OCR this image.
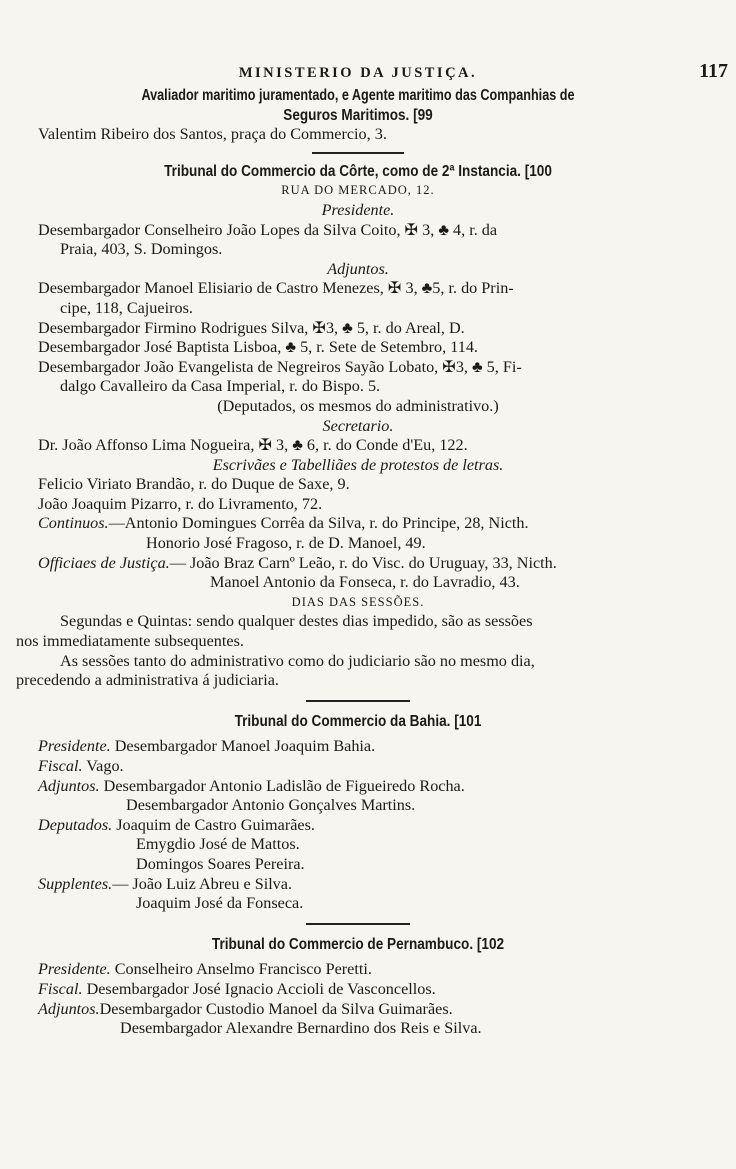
MINISTERIO DA JUSTIÇA.	117
Avaliador maritimo juramentado, e Agente maritimo das Companhias de
Seguros Maritimos. [99
Valentim Ribeiro dos Santos, praça do Commercio, 3.
Tribunal do Commercio da Côrte, como de 2ª Instancia. [100
RUA DO MERCADO, 12.
Presidente.
Desembargador Conselheiro João Lopes da Silva Coito, ✠ 3, ♣ 4, r. da
Praia, 403, S. Domingos.
Adjuntos.
Desembargador Manoel Elisiario de Castro Menezes, ✠ 3, ♣5, r. do Prin-
cipe, 118, Cajueiros.
Desembargador Firmino Rodrigues Silva, ✠3, ♣ 5, r. do Areal, D.
Desembargador José Baptista Lisboa, ♣ 5, r. Sete de Setembro, 114.
Desembargador João Evangelista de Negreiros Sayão Lobato, ✠3, ♣ 5, Fi-
dalgo Cavalleiro da Casa Imperial, r. do Bispo. 5.
(Deputados, os mesmos do administrativo.)
Secretario.
Dr. João Affonso Lima Nogueira, ✠ 3, ♣ 6, r. do Conde d'Eu, 122.
Escrivães e Tabelliães de protestos de letras.
Felicio Viriato Brandão, r. do Duque de Saxe, 9.
João Joaquim Pizarro, r. do Livramento, 72.
Continuos.—Antonio Domingues Corrêa da Silva, r. do Principe, 28, Nicth.
Honorio José Fragoso, r. de D. Manoel, 49.
Officiaes de Justiça.— João Braz Carnº Leão, r. do Visc. do Uruguay, 33, Nicth.
Manoel Antonio da Fonseca, r. do Lavradio, 43.
DIAS DAS SESSÕES.
Segundas e Quintas: sendo qualquer destes dias impedido, são as sessões
nos immediatamente subsequentes.
As sessões tanto do administrativo como do judiciario são no mesmo dia,
precedendo a administrativa á judiciaria.
Tribunal do Commercio da Bahia. [101
Presidente. Desembargador Manoel Joaquim Bahia.
Fiscal. Vago.
Adjuntos. Desembargador Antonio Ladislão de Figueiredo Rocha.
Desembargador Antonio Gonçalves Martins.
Deputados. Joaquim de Castro Guimarães.
Emygdio José de Mattos.
Domingos Soares Pereira.
Supplentes.— João Luiz Abreu e Silva.
Joaquim José da Fonseca.
Tribunal do Commercio de Pernambuco. [102
Presidente. Conselheiro Anselmo Francisco Peretti.
Fiscal. Desembargador José Ignacio Accioli de Vasconcellos.
Adjuntos.Desembargador Custodio Manoel da Silva Guimarães.
Desembargador Alexandre Bernardino dos Reis e Silva.
